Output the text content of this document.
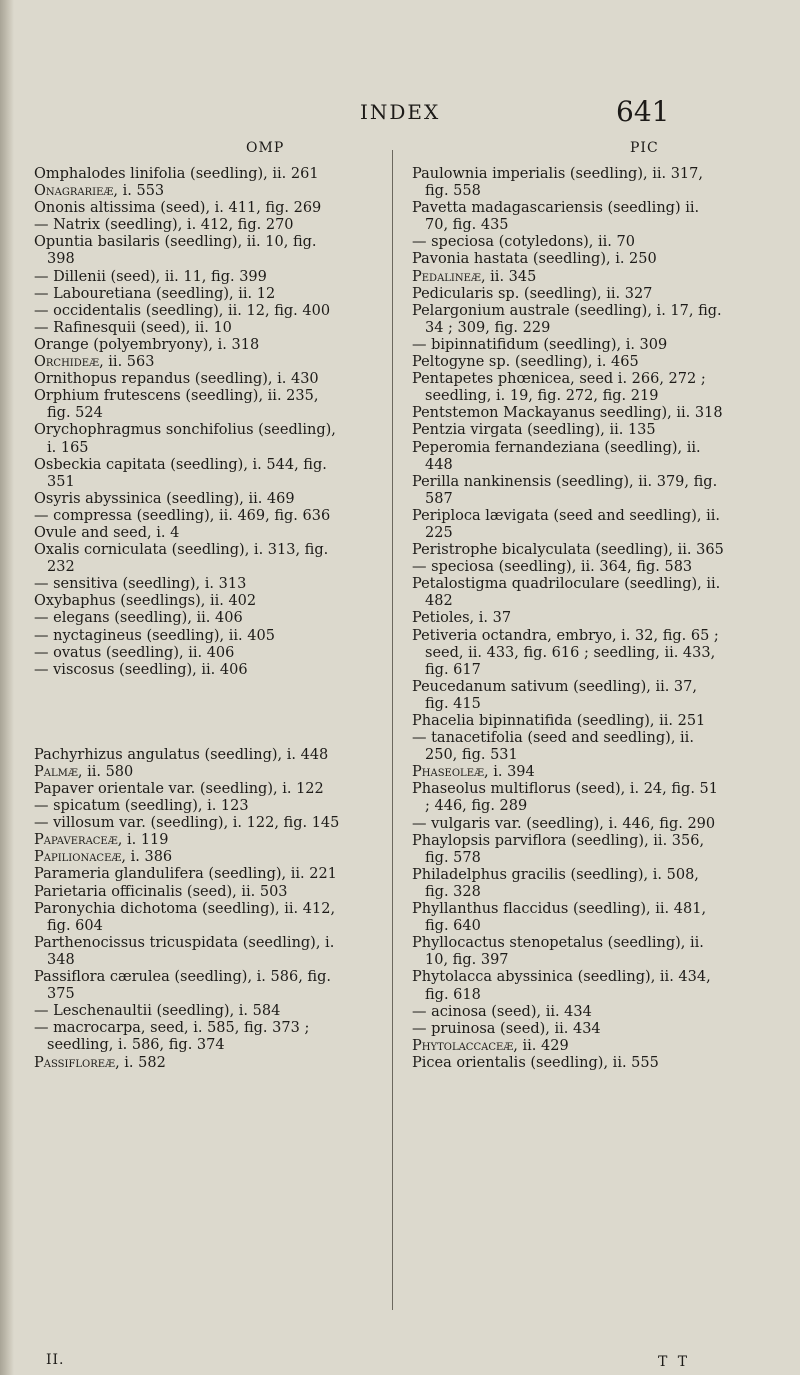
INDEX	641
OMP	PIC
Omphalodes linifolia (seedling), ii. 261
Onagrarieæ, i. 553
Ononis altissima (seed), i. 411, fig. 269
— Natrix (seedling), i. 412, fig. 270
Opuntia basilaris (seedling), ii. 10, fig. 398
— Dillenii (seed), ii. 11, fig. 399
— Labouretiana (seedling), ii. 12
— occidentalis (seedling), ii. 12, fig. 400
— Rafinesquii (seed), ii. 10
Orange (polyembryony), i. 318
Orchideæ, ii. 563
Ornithopus repandus (seedling), i. 430
Orphium frutescens (seedling), ii. 235, fig. 524
Orychophragmus sonchifolius (seedling), i. 165
Osbeckia capitata (seedling), i. 544, fig. 351
Osyris abyssinica (seedling), ii. 469
— compressa (seedling), ii. 469, fig. 636
Ovule and seed, i. 4
Oxalis corniculata (seedling), i. 313, fig. 232
— sensitiva (seedling), i. 313
Oxybaphus (seedlings), ii. 402
— elegans (seedling), ii. 406
— nyctagineus (seedling), ii. 405
— ovatus (seedling), ii. 406
— viscosus (seedling), ii. 406
Pachyrhizus angulatus (seedling), i. 448
Palmæ, ii. 580
Papaver orientale var. (seedling), i. 122
— spicatum (seedling), i. 123
— villosum var. (seedling), i. 122, fig. 145
Papaveraceæ, i. 119
Papilionaceæ, i. 386
Parameria glandulifera (seedling), ii. 221
Parietaria officinalis (seed), ii. 503
Paronychia dichotoma (seedling), ii. 412, fig. 604
Parthenocissus tricuspidata (seedling), i. 348
Passiflora cærulea (seedling), i. 586, fig. 375
— Leschenaultii (seedling), i. 584
— macrocarpa, seed, i. 585, fig. 373 ; seedling, i. 586, fig. 374
Passifloreæ, i. 582
Paulownia imperialis (seedling), ii. 317, fig. 558
Pavetta madagascariensis (seedling) ii. 70, fig. 435
— speciosa (cotyledons), ii. 70
Pavonia hastata (seedling), i. 250
Pedalineæ, ii. 345
Pedicularis sp. (seedling), ii. 327
Pelargonium australe (seedling), i. 17, fig. 34 ; 309, fig. 229
— bipinnatifidum (seedling), i. 309
Peltogyne sp. (seedling), i. 465
Pentapetes phœnicea, seed i. 266, 272 ; seedling, i. 19, fig. 272, fig. 219
Pentstemon Mackayanus seedling), ii. 318
Pentzia virgata (seedling), ii. 135
Peperomia fernandeziana (seedling), ii. 448
Perilla nankinensis (seedling), ii. 379, fig. 587
Periploca lævigata (seed and seedling), ii. 225
Peristrophe bicalyculata (seedling), ii. 365
— speciosa (seedling), ii. 364, fig. 583
Petalostigma quadriloculare (seedling), ii. 482
Petioles, i. 37
Petiveria octandra, embryo, i. 32, fig. 65 ; seed, ii. 433, fig. 616 ; seedling, ii. 433, fig. 617
Peucedanum sativum (seedling), ii. 37, fig. 415
Phacelia bipinnatifida (seedling), ii. 251
— tanacetifolia (seed and seedling), ii. 250, fig. 531
Phaseoleæ, i. 394
Phaseolus multiflorus (seed), i. 24, fig. 51 ; 446, fig. 289
— vulgaris var. (seedling), i. 446, fig. 290
Phaylopsis parviflora (seedling), ii. 356, fig. 578
Philadelphus gracilis (seedling), i. 508, fig. 328
Phyllanthus flaccidus (seedling), ii. 481, fig. 640
Phyllocactus stenopetalus (seedling), ii. 10, fig. 397
Phytolacca abyssinica (seedling), ii. 434, fig. 618
— acinosa (seed), ii. 434
— pruinosa (seed), ii. 434
Phytolaccaceæ, ii. 429
Picea orientalis (seedling), ii. 555
II.	T T
